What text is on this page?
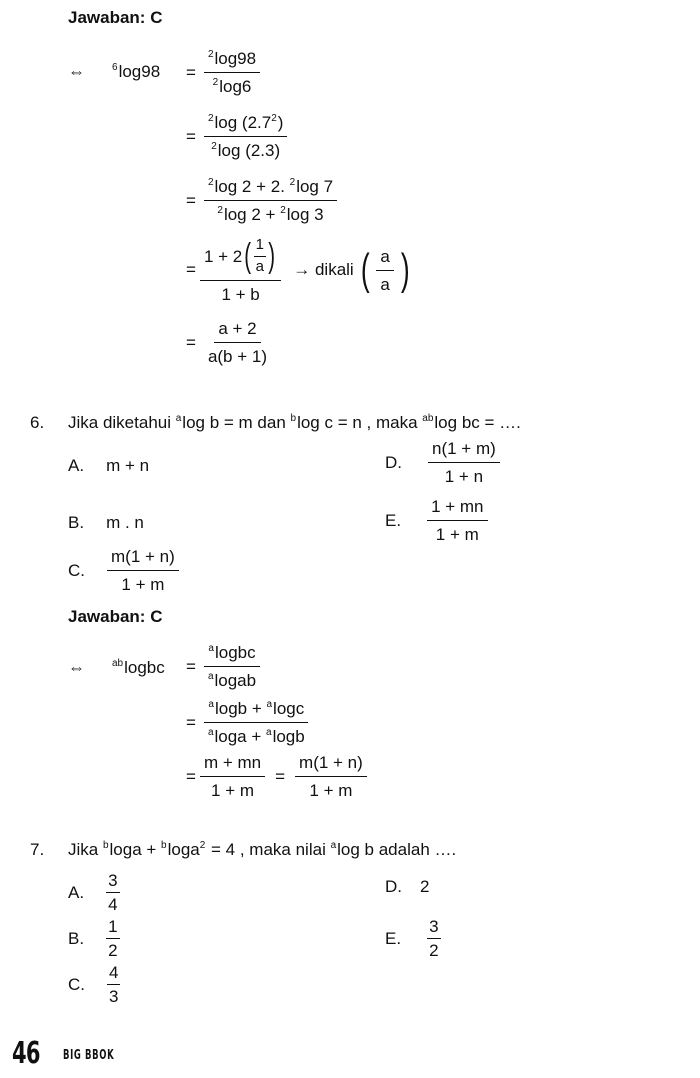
Jawaban: C
⇔	$^6\log 98 = \frac{^2\log 98}{^2\log 6}$
= $\frac{^2\log (2.7^2)}{^2\log (2.3)}$
= $\frac{^2\log 2 + 2. ^2\log 7}{^2\log 2 + ^2\log 3}$
= $\frac{1 + 2 ( \frac{1}{a} )}{1 + b}$ → dikali ( $\frac{a}{a}$ )
= $\frac{a + 2}{a(b + 1)}$
6. Jika diketahui $^a$log b = m dan $^b$log c = n , maka $^{ab}$log bc = ….
A. m + n
B. m . n
C. $\frac{m(1 + n)}{1 + m}$
D. $\frac{n(1 + m)}{1 + n}$
E. $\frac{1 + mn}{1 + m}$
Jawaban: C
⇔	$^{ab}$logbc = $\frac{^alogbc}{^alogab}$
= $\frac{^a\log b + ^a\log c}{^a\log a + ^a\log b}$
= $\frac{m + mn}{1 + m} = \frac{m(1 + n)}{1 + m}$
7. Jika $^b$loga + $^b$loga$^2$ = 4 , maka nilai $^a$log b adalah ….
A. $\frac{3}{4}$
B. $\frac{1}{2}$
C. $\frac{4}{3}$
D. 2
E. $\frac{3}{2}$
46 BIG BBOK
